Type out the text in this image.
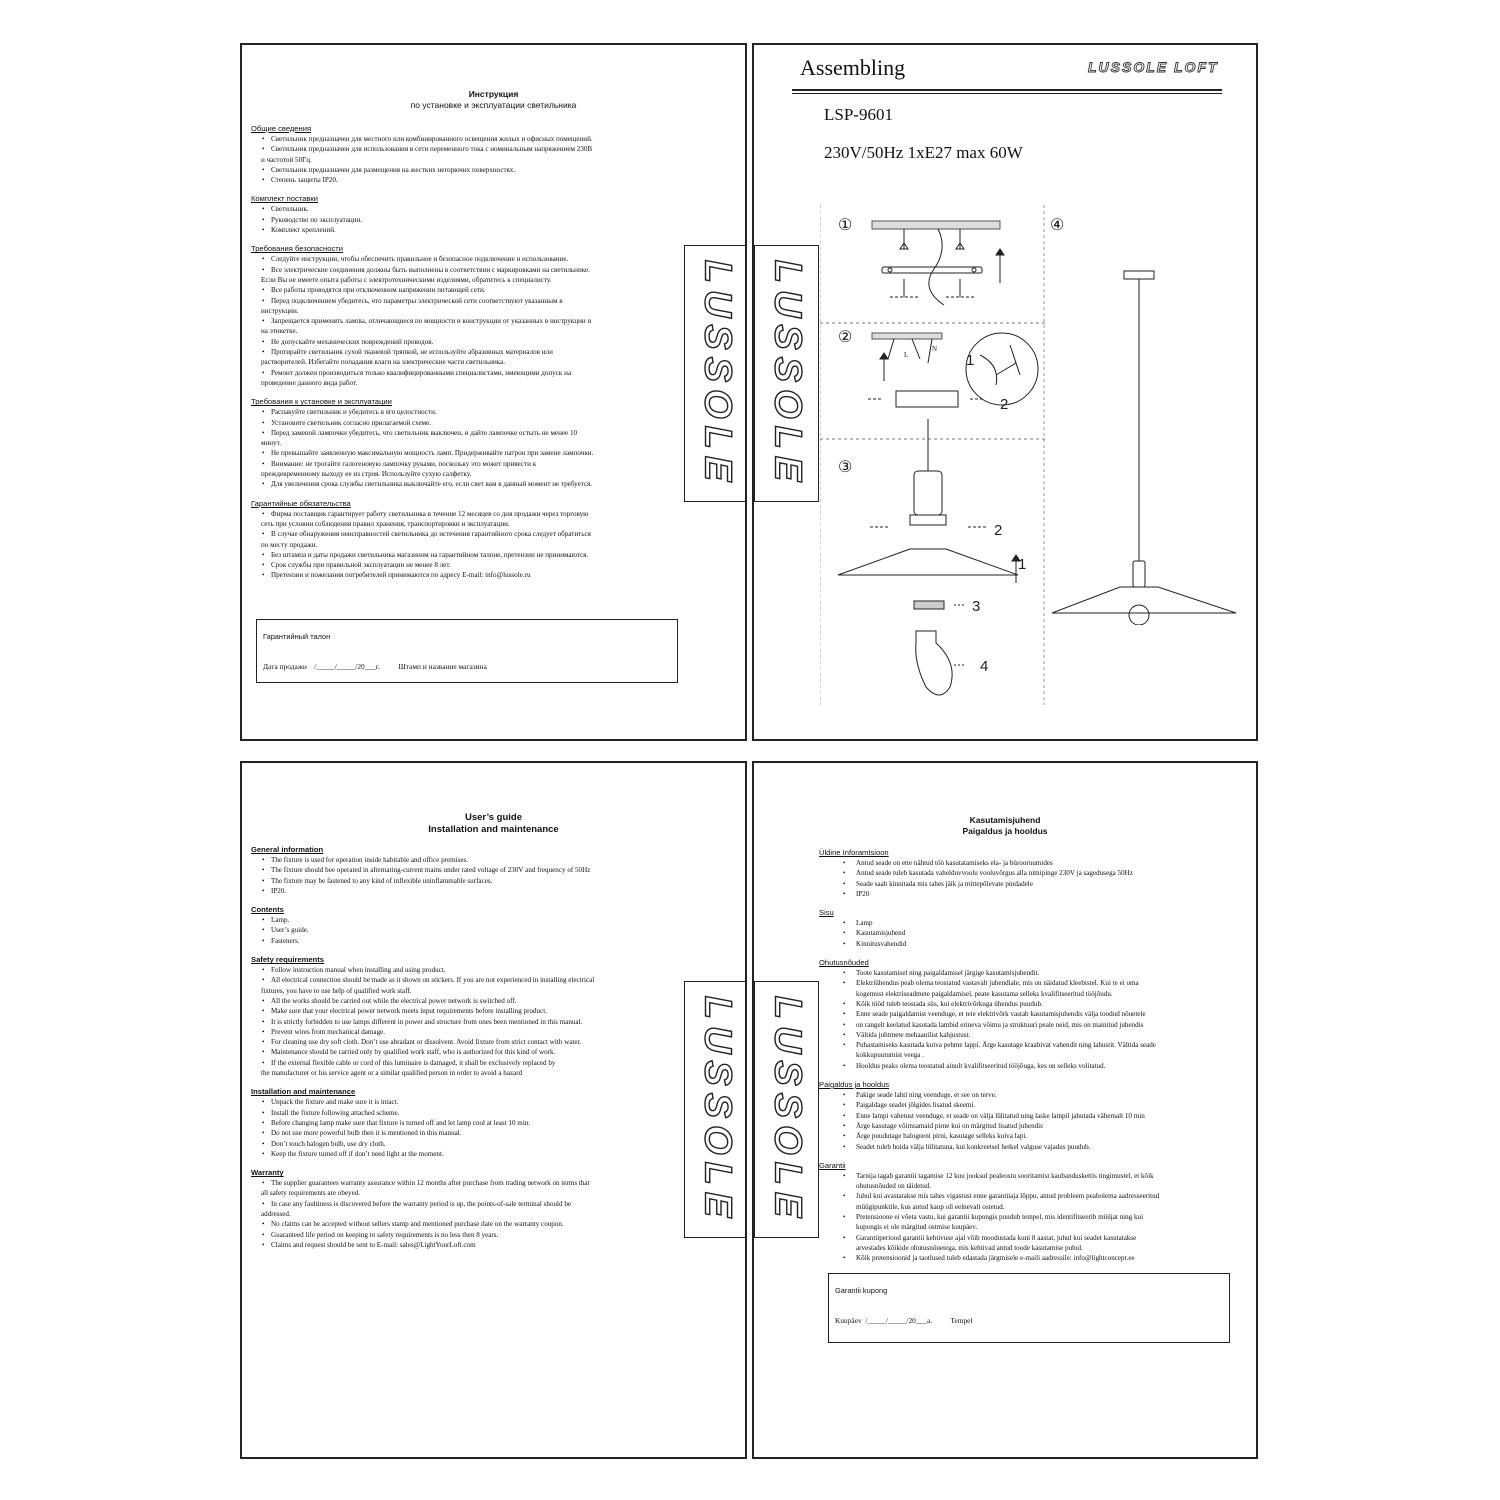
Инструкция
по установке и эксплуатации светильника
Общие сведения
• Светильник предназначен для местного или комбинированного освещения жилых и офисных помещений.
• Светильник предназначен для использования в сети переменного тока с номинальным напряжением 230В
и частотой 50Гц.
• Светильник предназначен для размещения на жестких негорючих поверхностях.
• Степень защиты IP20.
Комплект поставки
• Светильник.
• Руководство по эксплуатации.
• Комплект креплений.
Требования безопасности
• Следуйте инструкции, чтобы обеспечить правильное и безопасное подключение и использование.
• Все электрические соединения должны быть выполнены в соответствии с маркировками на светильнике.
Если Вы не имеете опыта работы с электротехническими изделиями, обратитесь к специалисту.
• Все работы проводятся при отключенном напряжении питающей сети.
• Перед подключением убедитесь, что параметры электрической сети соответствуют указанным в
инструкции.
• Запрещается применять лампы, отличающиеся по мощности и конструкции от указанных в инструкции и
на этикетке.
• Не допускайте механических повреждений проводов.
• Протирайте светильник сухой тканевой тряпкой, не используйте абразивных материалов или
растворителей. Избегайте попадания влаги на электрические части светильника.
• Ремонт должен производиться только квалифицированными специалистами, имеющими допуск на
проведение данного вида работ.
Требования к установке и эксплуатации
• Распакуйте светильник и убедитесь в его целостности.
• Установите светильник согласно прилагаемой схеме.
• Перед заменой лампочки убедитесь, что светильник выключен, и дайте лампочке остыть не менее 10
минут.
• Не превышайте заявленную максимальную мощность ламп. Придерживайте патрон при замене лампочки.
• Внимание: не трогайте галогеновую лампочку руками, поскольку это может привести к
преждевременному выходу ее из строя. Используйте сухую салфетку.
• Для увеличения срока службы светильника выключайте его, если свет вам в данный момент не требуется.
Гарантийные обязательства
• Фирма поставщик гарантирует работу светильника в течение 12 месяцев со дня продажи через торговую
сеть при условии соблюдения правил хранения, транспортировки и эксплуатации.
• В случае обнаружения неисправностей светильника до истечения гарантийного срока следует обратиться
по месту продажи.
• Без штампа и даты продажи светильника магазином на гарантийном талоне, претензии не принимаются.
• Срок службы при правильной эксплуатации не менее 8 лет.
• Претензии и пожелания потребителей принимаются по адресу E-mail: info@lussole.ru
Гарантийный талон
Дата продажи    /_____/_____/20___г.          Штамп и название магазина
LUSSOLE
Assembling	LUSSOLE LOFT
LSP-9601
230V/50Hz 1xE27 max 60W
LUSSOLE	L
N
1
2
2
1
3
4
①
②
③
④
User’s guide
Installation and maintenance
General information
• The fixture is used for operation inside habitable and office premises.
• The fixture should bee operated in alternating-current mains under rated voltage of 230V and frequency of 50Hz
• The fixture may be fastened to any kind of inflexible uninflammable surfaces.
• IP20.
Contents
• Lamp.
• User’s guide.
• Fasteners.
Safety requirements
• Follow instruction manual when installing and using product.
• All electrical connection should be made as it shown on stickers. If you are not experienced in installing electrical
fixtures, you have to use help of qualified work staff.
• All the works should be carried out while the electrical power network is switched off.
• Make sure that your electrical power network meets input requirements before installing product.
• It is strictly forbidden to use lamps different in power and structure from ones been mentioned in this manual.
• Prevent wires from mechanical damage.
• For cleaning use dry soft cloth. Don’t use abradant or dissolvent. Avoid fixture from strict contact with water.
• Maintenance should be carried only by qualified work staff, who is authorized for this kind of work.
• If the external flexible cable or cord of this luminaire is damaged, it shall be exclusively replaced by
the manufacturer or his service agent or a similar qualified person in order to avoid a hazard
Installation and maintenance
• Unpack the fixture and make sure it is intact.
• Install the fixture following attached scheme.
• Before changing lamp make sure that fixture is turned off and let lamp cool at least 10 min.
• Do not use more powerful bulb then it is mentioned in this manual.
• Don’t touch halogen bulb, use dry cloth.
• Keep the fixture turned off if don’t need light at the moment.
Warranty
• The supplier guarantees warranty assurance within 12 months after purchase from trading network on terms that
all safety requirements are obeyed.
• In case any faultiness is discovered before the warranty period is up, the points-of-sale terminal should be
addressed.
• No claims can be accepted without sellers stamp and mentioned purchase date on the warranty coupon.
• Guaranteed life period on keeping to safety requirements is no less then 8 years.
• Claims and request should be sent to E-mail: sales@LightYourLoft.com
LUSSOLE
Kasutamisjuhend
Paigaldus ja hooldus
Üldine Inforamtsioon
• Antud seade on ette nähtud töö kasutatamiseks ela- ja bürooruumides
• Antud seade tuleb kasutada vahelduvvoolu vooluvõrgus alla nimipinge 230V ja sagedusega 50Hz
• Seade saab kinnitada mis tahes jäik ja mittepõlevate pindadele
• IP20
Sisu
• Lamp
• Kasutamisjuhend
• Kinnitusvahendid
Ohutusnõuded
• Toote kasutamisel ning paigaldamisel järgige kasutamisjuhendit.
• Elektriühendus peab olema teostatud vastavalt juhendiale, mis on näidatud kleebistel. Kui te ei oma
kogemust elektriseadmete paigaldamisel, peate kasutama selleks kvalifitseeritud tööjõudu.
• Kõik tööd tuleb teostada siis, kui elektrivõrkuga ühendus puudub.
• Enne seade paigaldamist veenduge, et teie elektrivõrk vastab kasutamisjuhendis välja toodud nõuetele
• on rangelt keelatud kasutada lambid erineva võimu ja struktuuri peale neid, mis on mainitud juhendis
• Vältida juhtmete mehaanilist kahjustust.
• Puhastamiseks kasutada kuiva pehme lappi. Ärge kasutage kraabivat vahendit ning lahustit. Vältida seade
kokkupuutumist veega .
• Hooldus peaks olema teostatud ainult kvalifitseeritud tööjõuga, kes on selleks volitatud.
Paigaldus ja hooldus
• Pakige seade lahti ning veenduge, et see on terve.
• Paigaldage seadet jõlgides lisatud skeemi.
• Enne lampi vahetust veenduge, et seade on välja lülitatud ning laske lampil jahutada vähemalt 10 min
• Ärge kasutage võimsamaid pirne kui on märgitud lisatud juhendis
• Ärge puudutage halogeeni pirni, kasutage selleks kuiva lapi.
• Seadet tuleb hoida välja lülitatuna, kui konkreetsel hetkel valguse vajadus puudub.
Garantii
• Tarnija tagab garantii tagamise 12 kuu jooksul pealeostu sooritamist kaubanduskettis tingimustel, et kõik
ohutusnõuded on täidetud.
• Juhul kui avastatakse mis tahes vigastust enne garantiiaja lõppu, antud probleem peabolema aadresseeritud
müügipunktile, kus antud kaup oli eelnevalt ostetud.
• Pretensioone ei võeta vastu, kui garantii kupongis puudub tempel, mis identifitseerib müüjat ning kui
kupongis ei ole märgitud ostmise kuupäev.
• Garantiiperiood garantii kehtivuse ajal võib moodustada kuni 8 aastat, juhul kui seadet kasutatakse
arvestades kõikide ohutusnõuetega, mis kehtivad antud toode kasutamise puhul.
• Kõik pretensioonid ja taotlused tuleb edastada järgmisele e-maili aadressile: info@lightconcept.ee
Garantii kupong
Kuupäev  /_____/_____/20___a.          Tempel
LUSSOLE
